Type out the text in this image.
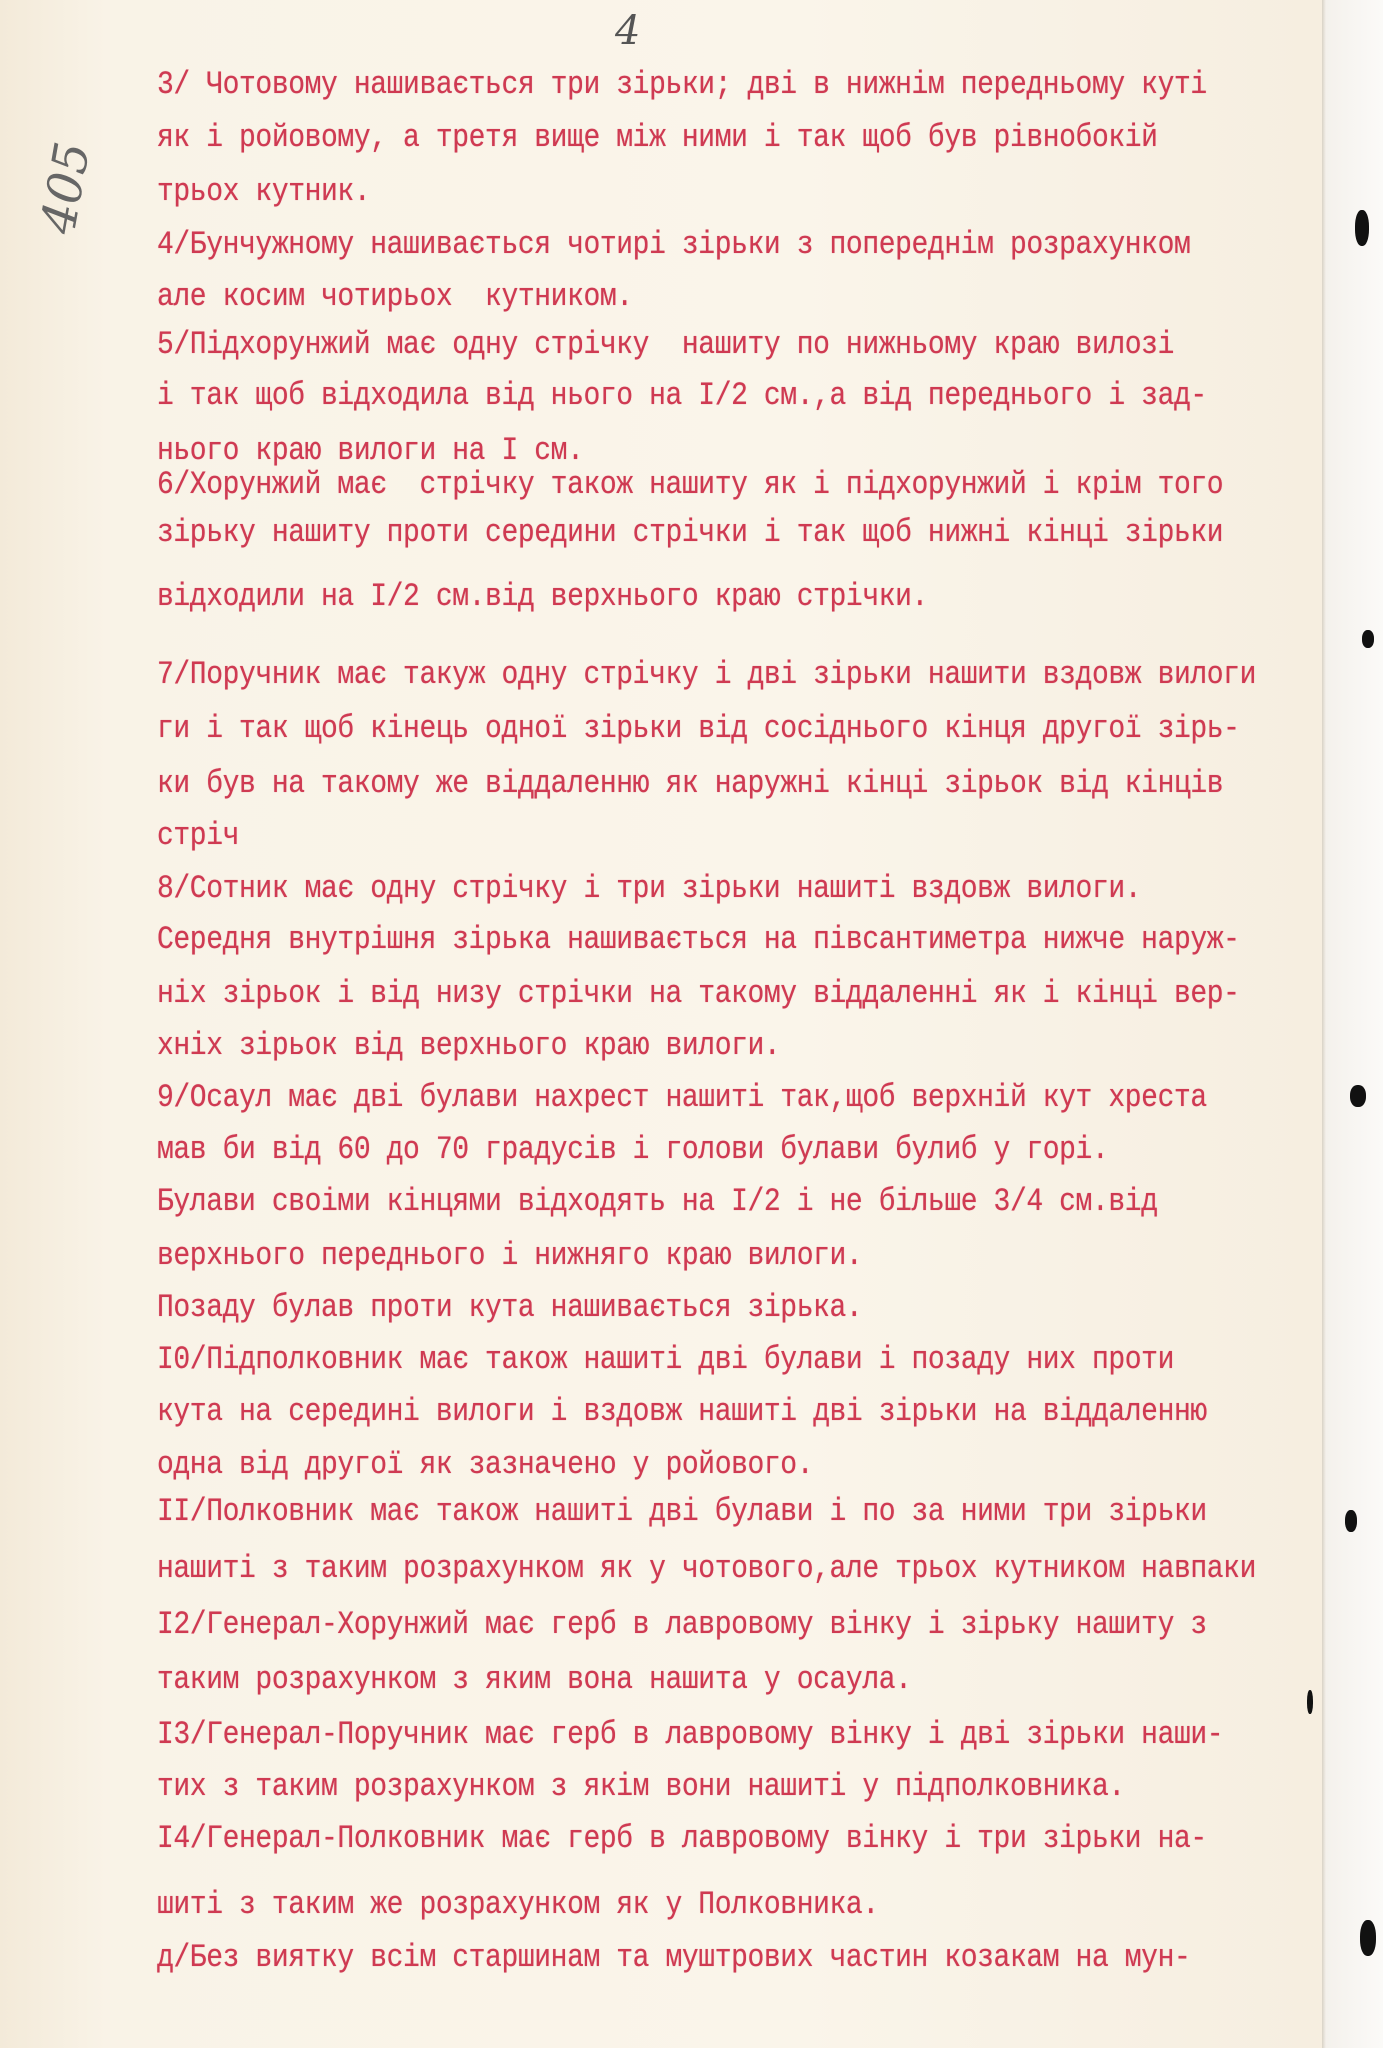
4
405
3/ Чотовому нашивається три зірьки; дві в нижнім передньому куті
як і ройовому, а третя вище між ними і так щоб був рівнобокій
трьох кутник.
4/Бунчужному нашивається чотирі зірьки з попереднім розрахунком
але косим чотирьох  кутником.
5/Підхорунжий має одну стрічку  нашиту по нижньому краю вилозі
і так щоб відходила від нього на I/2 см.,а від переднього і зад-
нього краю вилоги на I см.
6/Хорунжий має  стрічку також нашиту як і підхорунжий і крім того
зірьку нашиту проти середини стрічки і так щоб нижні кінці зірьки
відходили на I/2 см.від верхнього краю стрічки.
7/Поручник має такуж одну стрічку і дві зірьки нашити вздовж вилоги
ги і так щоб кінець одної зірьки від сосіднього кінця другої зірь-
ки був на такому же віддаленню як наружні кінці зірьок від кінців
стріч
8/Сотник має одну стрічку і три зірьки нашиті вздовж вилоги.
Середня внутрішня зірька нашивається на півсантиметра нижче наруж-
ніх зірьок і від низу стрічки на такому віддаленні як і кінці вер-
хніх зірьок від верхнього краю вилоги.
9/Осаул має дві булави нахрест нашиті так,щоб верхній кут хреста
мав би від 60 до 70 градусів і голови булави булиб у горі.
Булави своіми кінцями відходять на I/2 і не більше 3/4 см.від
верхнього переднього і нижняго краю вилоги.
Позаду булав проти кута нашивається зірька.
I0/Підполковник має також нашиті дві булави і позаду них проти
кута на середині вилоги і вздовж нашиті дві зірьки на віддаленню
одна від другої як зазначено у ройового.
II/Полковник має також нашиті дві булави і по за ними три зірьки
нашиті з таким розрахунком як у чотового,але трьох кутником навпаки
I2/Генерал-Хорунжий має герб в лавровому вінку і зірьку нашиту з
таким розрахунком з яким вона нашита у осаула.
I3/Генерал-Поручник має герб в лавровому вінку і дві зірьки наши-
тих з таким розрахунком з якім вони нашиті у підполковника.
I4/Генерал-Полковник має герб в лавровому вінку і три зірьки на-
шиті з таким же розрахунком як у Полковника.
д/Без виятку всім старшинам та муштрових частин козакам на мун-
